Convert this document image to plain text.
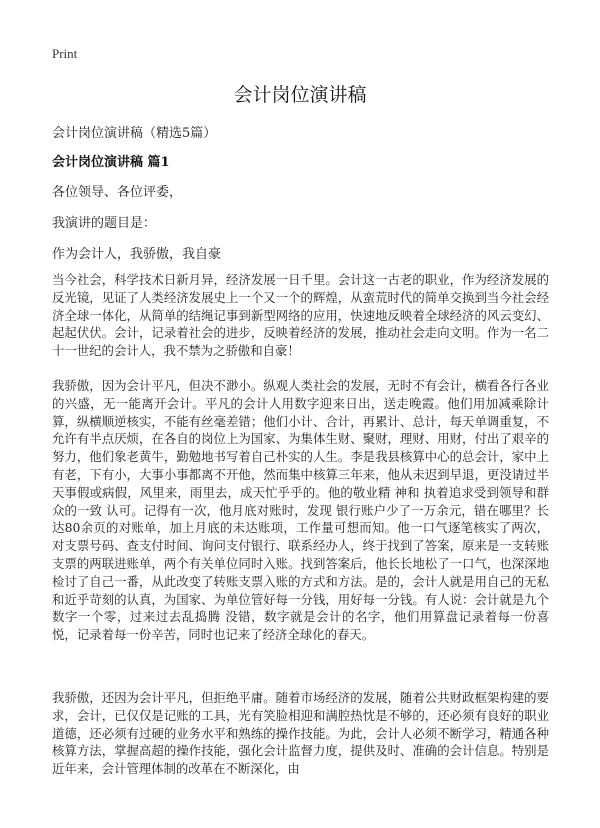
Print
会计岗位演讲稿
会计岗位演讲稿（精选5篇）
会计岗位演讲稿 篇1
各位领导、各位评委，
我演讲的题目是：
作为会计人，我骄傲，我自豪

当今社会，科学技术日新月异，经济发展一日千里。会计这一古老的职业，作为经济发展的反光镜，见证了人类经济发展史上一个又一个的辉煌，从蛮荒时代的简单交换到当今社会经济全球一体化，从简单的结绳记事到新型网络的应用，快速地反映着全球经济的风云变幻、起起伏伏。会计，记录着社会的进步，反映着经济的发展，推动社会走向文明。作为一名二十一世纪的会计人，我不禁为之骄傲和自豪！

我骄傲，因为会计平凡，但决不渺小。纵观人类社会的发展，无时不有会计，横看各行各业的兴盛，无一能离开会计。平凡的会计人用数字迎来日出，送走晚霞。他们用加减乘除计算，纵横顺逆核实，不能有丝毫差错；他们小计、合计，再累计、总计，每天单调重复，不允许有半点厌烦，在各自的岗位上为国家、为集体生财、聚财，理财、用财，付出了艰辛的努力，他们象老黄牛，勤勉地书写着自己朴实的人生。李是我县核算中心的总会计，家中上有老，下有小，大事小事都离不开他，然而集中核算三年来，他从未迟到早退，更没请过半天事假或病假，风里来，雨里去，成天忙乎乎的。他的敬业精 神和 执着追求受到领导和群众的一致 认可。记得有一次，他月底对账时，发现 银行账户少了一万余元，错在哪里？长达80余页的对账单，加上月底的未达账项，工作量可想而知。他一口气逐笔核实了两次，对支票号码、查支付时间、询问支付银行、联系经办人，终于找到了答案，原来是一支转账支票的两联进账单，两个有关单位同时入账。找到答案后，他长长地松了一口气，也深深地检讨了自己一番，从此改变了转账支票入账的方式和方法。是的，会计人就是用自己的无私和近乎苛刻的认真，为国家、为单位管好每一分钱，用好每一分钱。有人说：会计就是九个数字一个零，过来过去乱捣腾 没错，数字就是会计的名字，他们用算盘记录着每一份喜悦，记录着每一份辛苦，同时也记来了经济全球化的春天。

我骄傲，还因为会计平凡，但拒绝平庸。随着市场经济的发展，随着公共财政框架构建的要求，会计，已仅仅是记账的工具，光有笑脸相迎和满腔热忱是不够的，还必须有良好的职业道德，还必须有过硬的业务水平和熟练的操作技能。为此，会计人必须不断学习，精通各种核算方法，掌握高超的操作技能，强化会计监督力度，提供及时、准确的会计信息。特别是近年来，会计管理体制的改革在不断深化，由
